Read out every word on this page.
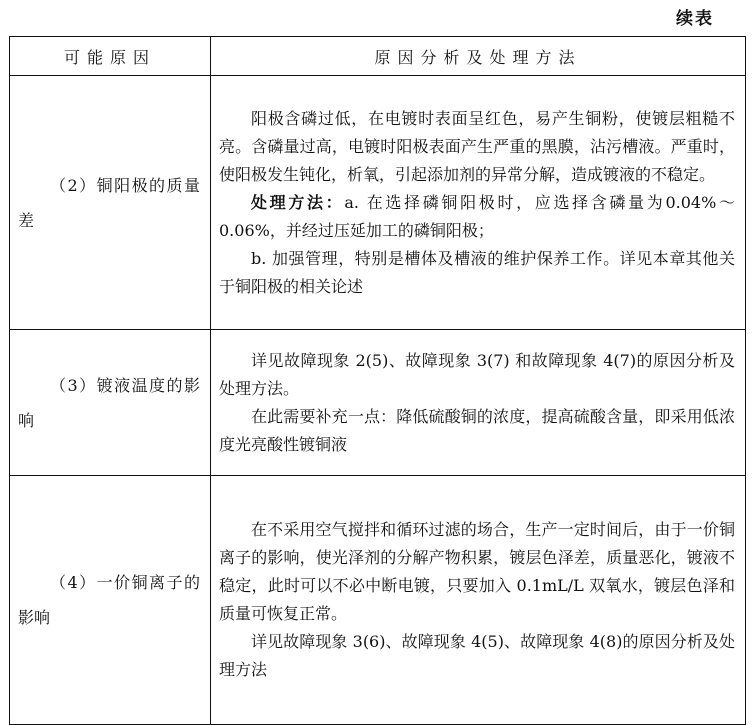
续表
可能原因	原因分析及处理方法
（2）铜阳极的质量差	阳极含磷过低，在电镀时表面呈红色，易产生铜粉，使镀层粗糙不亮。含磷量过高，电镀时阳极表面产生严重的黑膜，沾污槽液。严重时，使阳极发生钝化，析氧，引起添加剂的异常分解，造成镀液的不稳定。

处理方法：a. 在选择磷铜阳极时，应选择含磷量为0.04%～0.06%，并经过压延加工的磷铜阳极；

b. 加强管理，特别是槽体及槽液的维护保养工作。详见本章其他关于铜阳极的相关论述

（3）镀液温度的影响	详见故障现象 2(5)、故障现象 3(7) 和故障现象 4(7)的原因分析及处理方法。

在此需要补充一点：降低硫酸铜的浓度，提高硫酸含量，即采用低浓度光亮酸性镀铜液

（4）一价铜离子的影响	在不采用空气搅拌和循环过滤的场合，生产一定时间后，由于一价铜离子的影响，使光泽剂的分解产物积累，镀层色泽差，质量恶化，镀液不稳定，此时可以不必中断电镀，只要加入 0.1mL/L 双氧水，镀层色泽和质量可恢复正常。

详见故障现象 3(6)、故障现象 4(5)、故障现象 4(8)的原因分析及处理方法
